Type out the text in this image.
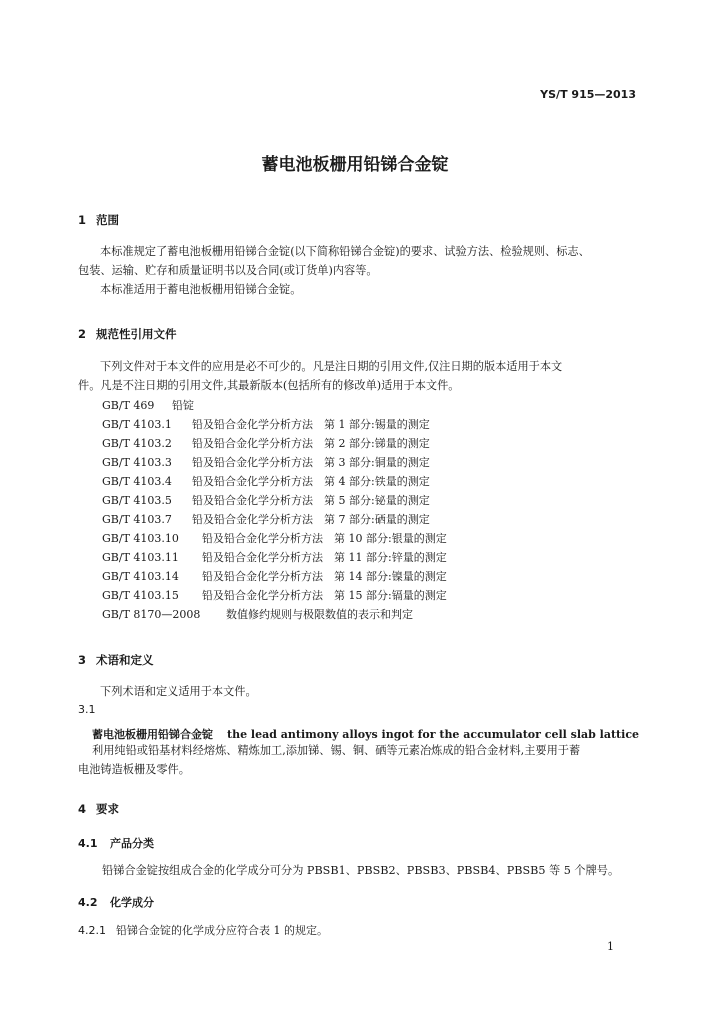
YS/T 915—2013
蓄电池板栅用铅锑合金锭
1 范围
本标准规定了蓄电池板栅用铅锑合金锭(以下简称铅锑合金锭)的要求、试验方法、检验规则、标志、
包装、运输、贮存和质量证明书以及合同(或订货单)内容等。
本标准适用于蓄电池板栅用铅锑合金锭。
2 规范性引用文件
下列文件对于本文件的应用是必不可少的。凡是注日期的引用文件,仅注日期的版本适用于本文
件。凡是不注日期的引用文件,其最新版本(包括所有的修改单)适用于本文件。
GB/T 469 铅锭
GB/T 4103.1 铅及铅合金化学分析方法　第 1 部分:锡量的测定
GB/T 4103.2 铅及铅合金化学分析方法　第 2 部分:锑量的测定
GB/T 4103.3 铅及铅合金化学分析方法　第 3 部分:铜量的测定
GB/T 4103.4 铅及铅合金化学分析方法　第 4 部分:铁量的测定
GB/T 4103.5 铅及铅合金化学分析方法　第 5 部分:铋量的测定
GB/T 4103.7 铅及铅合金化学分析方法　第 7 部分:硒量的测定
GB/T 4103.10 铅及铅合金化学分析方法　第 10 部分:银量的测定
GB/T 4103.11 铅及铅合金化学分析方法　第 11 部分:锌量的测定
GB/T 4103.14 铅及铅合金化学分析方法　第 14 部分:镍量的测定
GB/T 4103.15 铅及铅合金化学分析方法　第 15 部分:镉量的测定
GB/T 8170—2008 数值修约规则与极限数值的表示和判定
3 术语和定义
下列术语和定义适用于本文件。
3.1
蓄电池板栅用铅锑合金锭 the lead antimony alloys ingot for the accumulator cell slab lattice
利用纯铅或铅基材料经熔炼、精炼加工,添加锑、锡、铜、硒等元素冶炼成的铅合金材料,主要用于蓄
电池铸造板栅及零件。
4 要求
4.1 产品分类
铅锑合金锭按组成合金的化学成分可分为 PBSB1、PBSB2、PBSB3、PBSB4、PBSB5 等 5 个牌号。
4.2 化学成分
4.2.1 铅锑合金锭的化学成分应符合表 1 的规定。
1
